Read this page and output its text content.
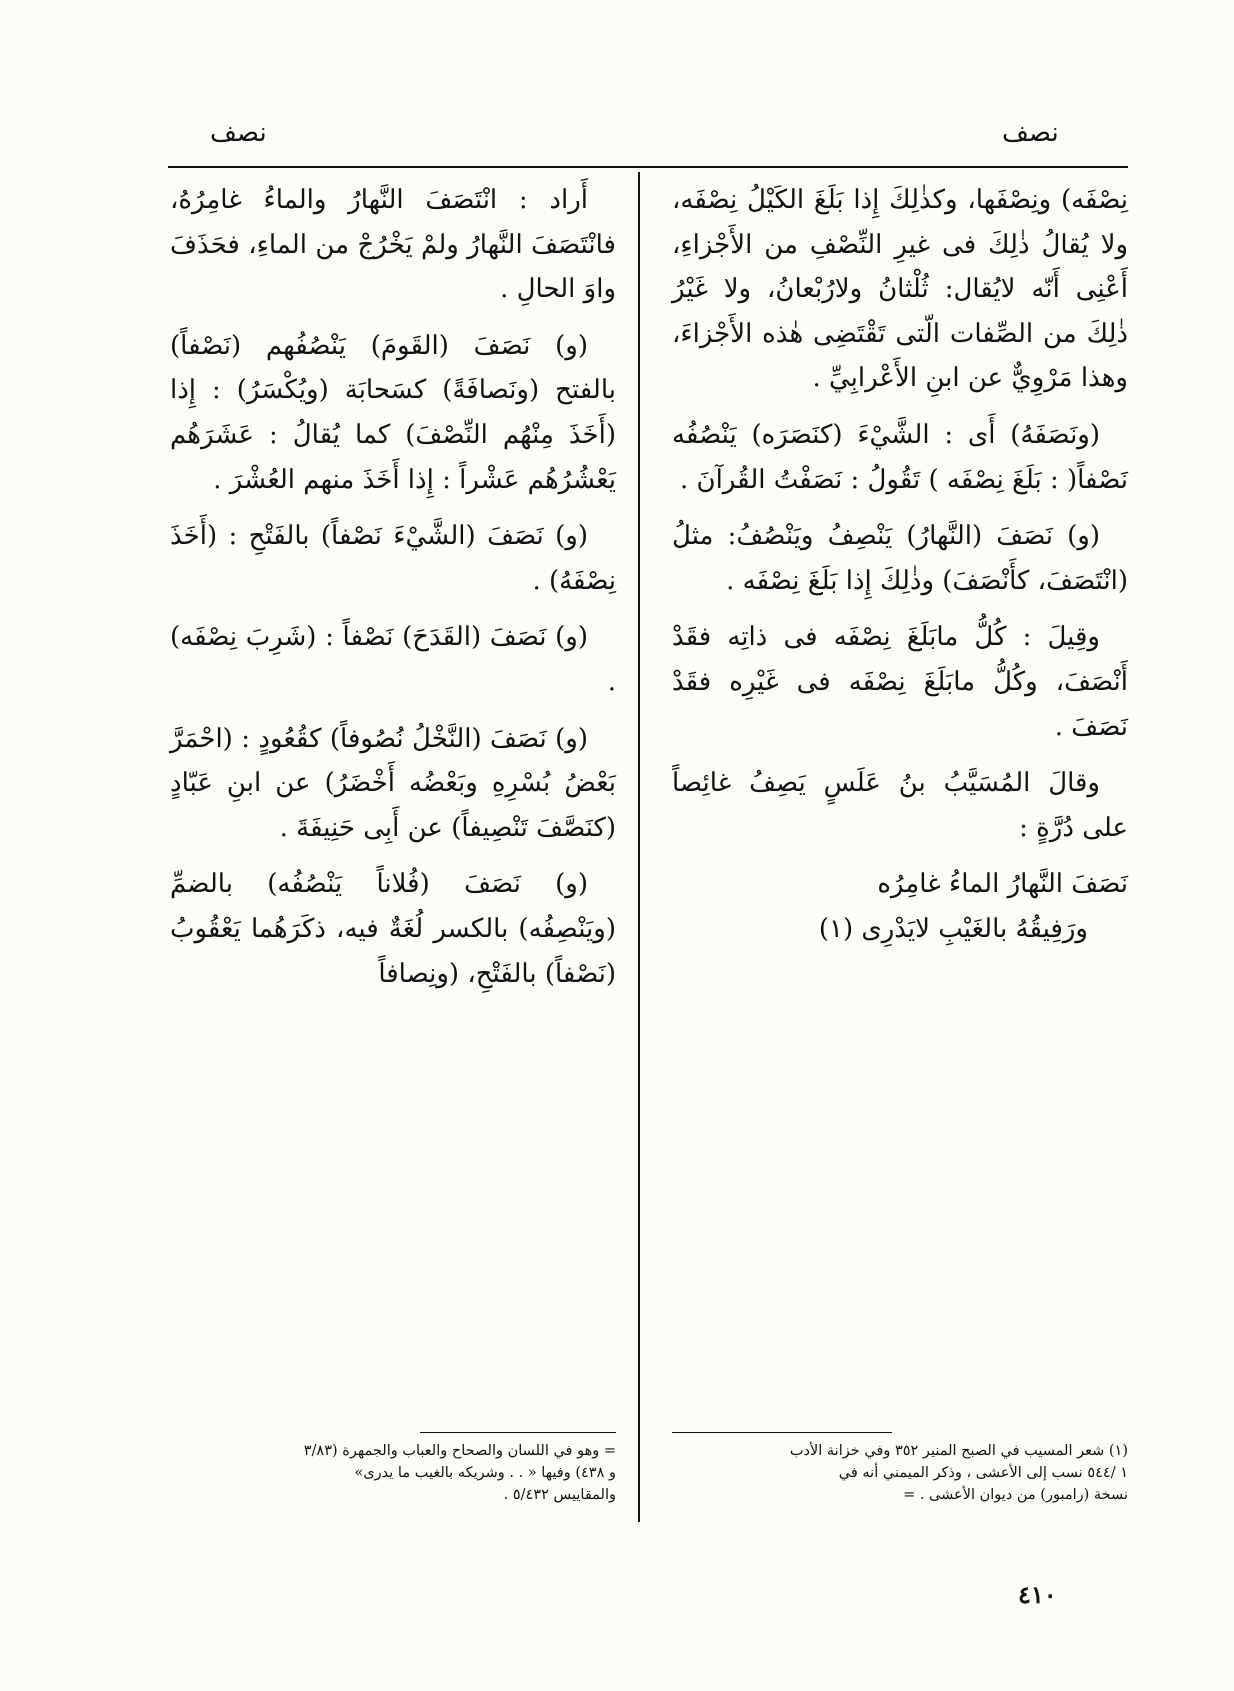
نصف	نصف

نِصْفَه) ونِصْفَها، وكذٰلِكَ إِذا بَلَغَ الكَيْلُ نِصْفَه، ولا يُقالُ ذٰلِكَ فى غيرِ النِّصْفِ من الأَجْزاءِ، أَعْنِى أَنّه لايُقال: ثُلْثانُ ولارُبْعانُ، ولا غَيْرُ ذٰلِكَ من الصِّفات الّتى تَقْتَضِى هٰذه الأَجْزاءَ، وهذا مَرْوِيٌّ عن ابنِ الأَعْرابِيِّ .

(ونَصَفَهُ) أَى : الشَّيْءَ (كنَصَرَه) يَنْصُفُه نَصْفاً( : بَلَغَ نِصْفَه ) تَقُولُ : نَصَفْتُ القُرآنَ .

(و) نَصَفَ (النَّهارُ) يَنْصِفُ ويَنْصُفُ: مثلُ (انْتَصَفَ، كأَنْصَفَ) وذٰلِكَ إِذا بَلَغَ نِصْفَه .

وقِيلَ : كُلُّ مابَلَغَ نِصْفَه فى ذاتِه فقَدْ أَنْصَفَ، وكُلُّ مابَلَغَ نِصْفَه فى غَيْرِه فقَدْ نَصَفَ .

وقالَ المُسَيَّبُ بنُ عَلَسٍ يَصِفُ غائِصاً على دُرَّةٍ :

نَصَفَ النَّهارُ الماءُ غامِرُه

ورَفِيقُهُ بالغَيْبِ لايَدْرِى (١)

أَراد : انْتَصَفَ النَّهارُ والماءُ غامِرُهُ، فانْتَصَفَ النَّهارُ ولمْ يَخْرُجْ من الماءِ، فحَذَفَ واوَ الحالِ .

(و) نَصَفَ (القَومَ) يَنْصُفُهم (نَصْفاً) بالفتح (ونَصافَةً) كسَحابَة (ويُكْسَرُ) : إِذا (أَخَذَ مِنْهُم النِّصْفَ) كما يُقالُ : عَشَرَهُم يَعْشُرُهُم عَشْراً : إِذا أَخَذَ منهم العُشْرَ .

(و) نَصَفَ (الشَّيْءَ نَصْفاً) بالفَتْحِ : (أَخَذَ نِصْفَهُ) .

(و) نَصَفَ (القَدَحَ) نَصْفاً : (شَرِبَ نِصْفَه) .

(و) نَصَفَ (النَّخْلُ نُصُوفاً) كقُعُودٍ : (احْمَرَّ بَعْضُ بُسْرِهِ وبَعْضُه أَخْضَرُ) عن ابنِ عَبّادٍ (كنَصَّفَ تَنْصِيفاً) عن أَبِى حَنِيفَةَ .

(و) نَصَفَ (فُلاناً يَنْصُفُه) بالضمِّ (ويَنْصِفُه) بالكسر لُغَةٌ فيه، ذكَرَهُما يَعْقُوبُ (نَصْفاً) بالفَتْحِ، (ونِصافاً

(١) شعر المسيب في الصبح المنير ٣٥٢ وفي خزانة الأدب
١ /٥٤٤ نسب إلى الأعشى ، وذكر الميمني أنه في
نسخة (رامبور) من ديوان الأعشى . =
= وهو في اللسان والصحاح والعباب والجمهرة (٣/٨٣
و ٤٣٨) وفيها « . . وشريكه بالغيب ما يدرى»
والمقاييس ٥/٤٣٢ .
٤١٠
